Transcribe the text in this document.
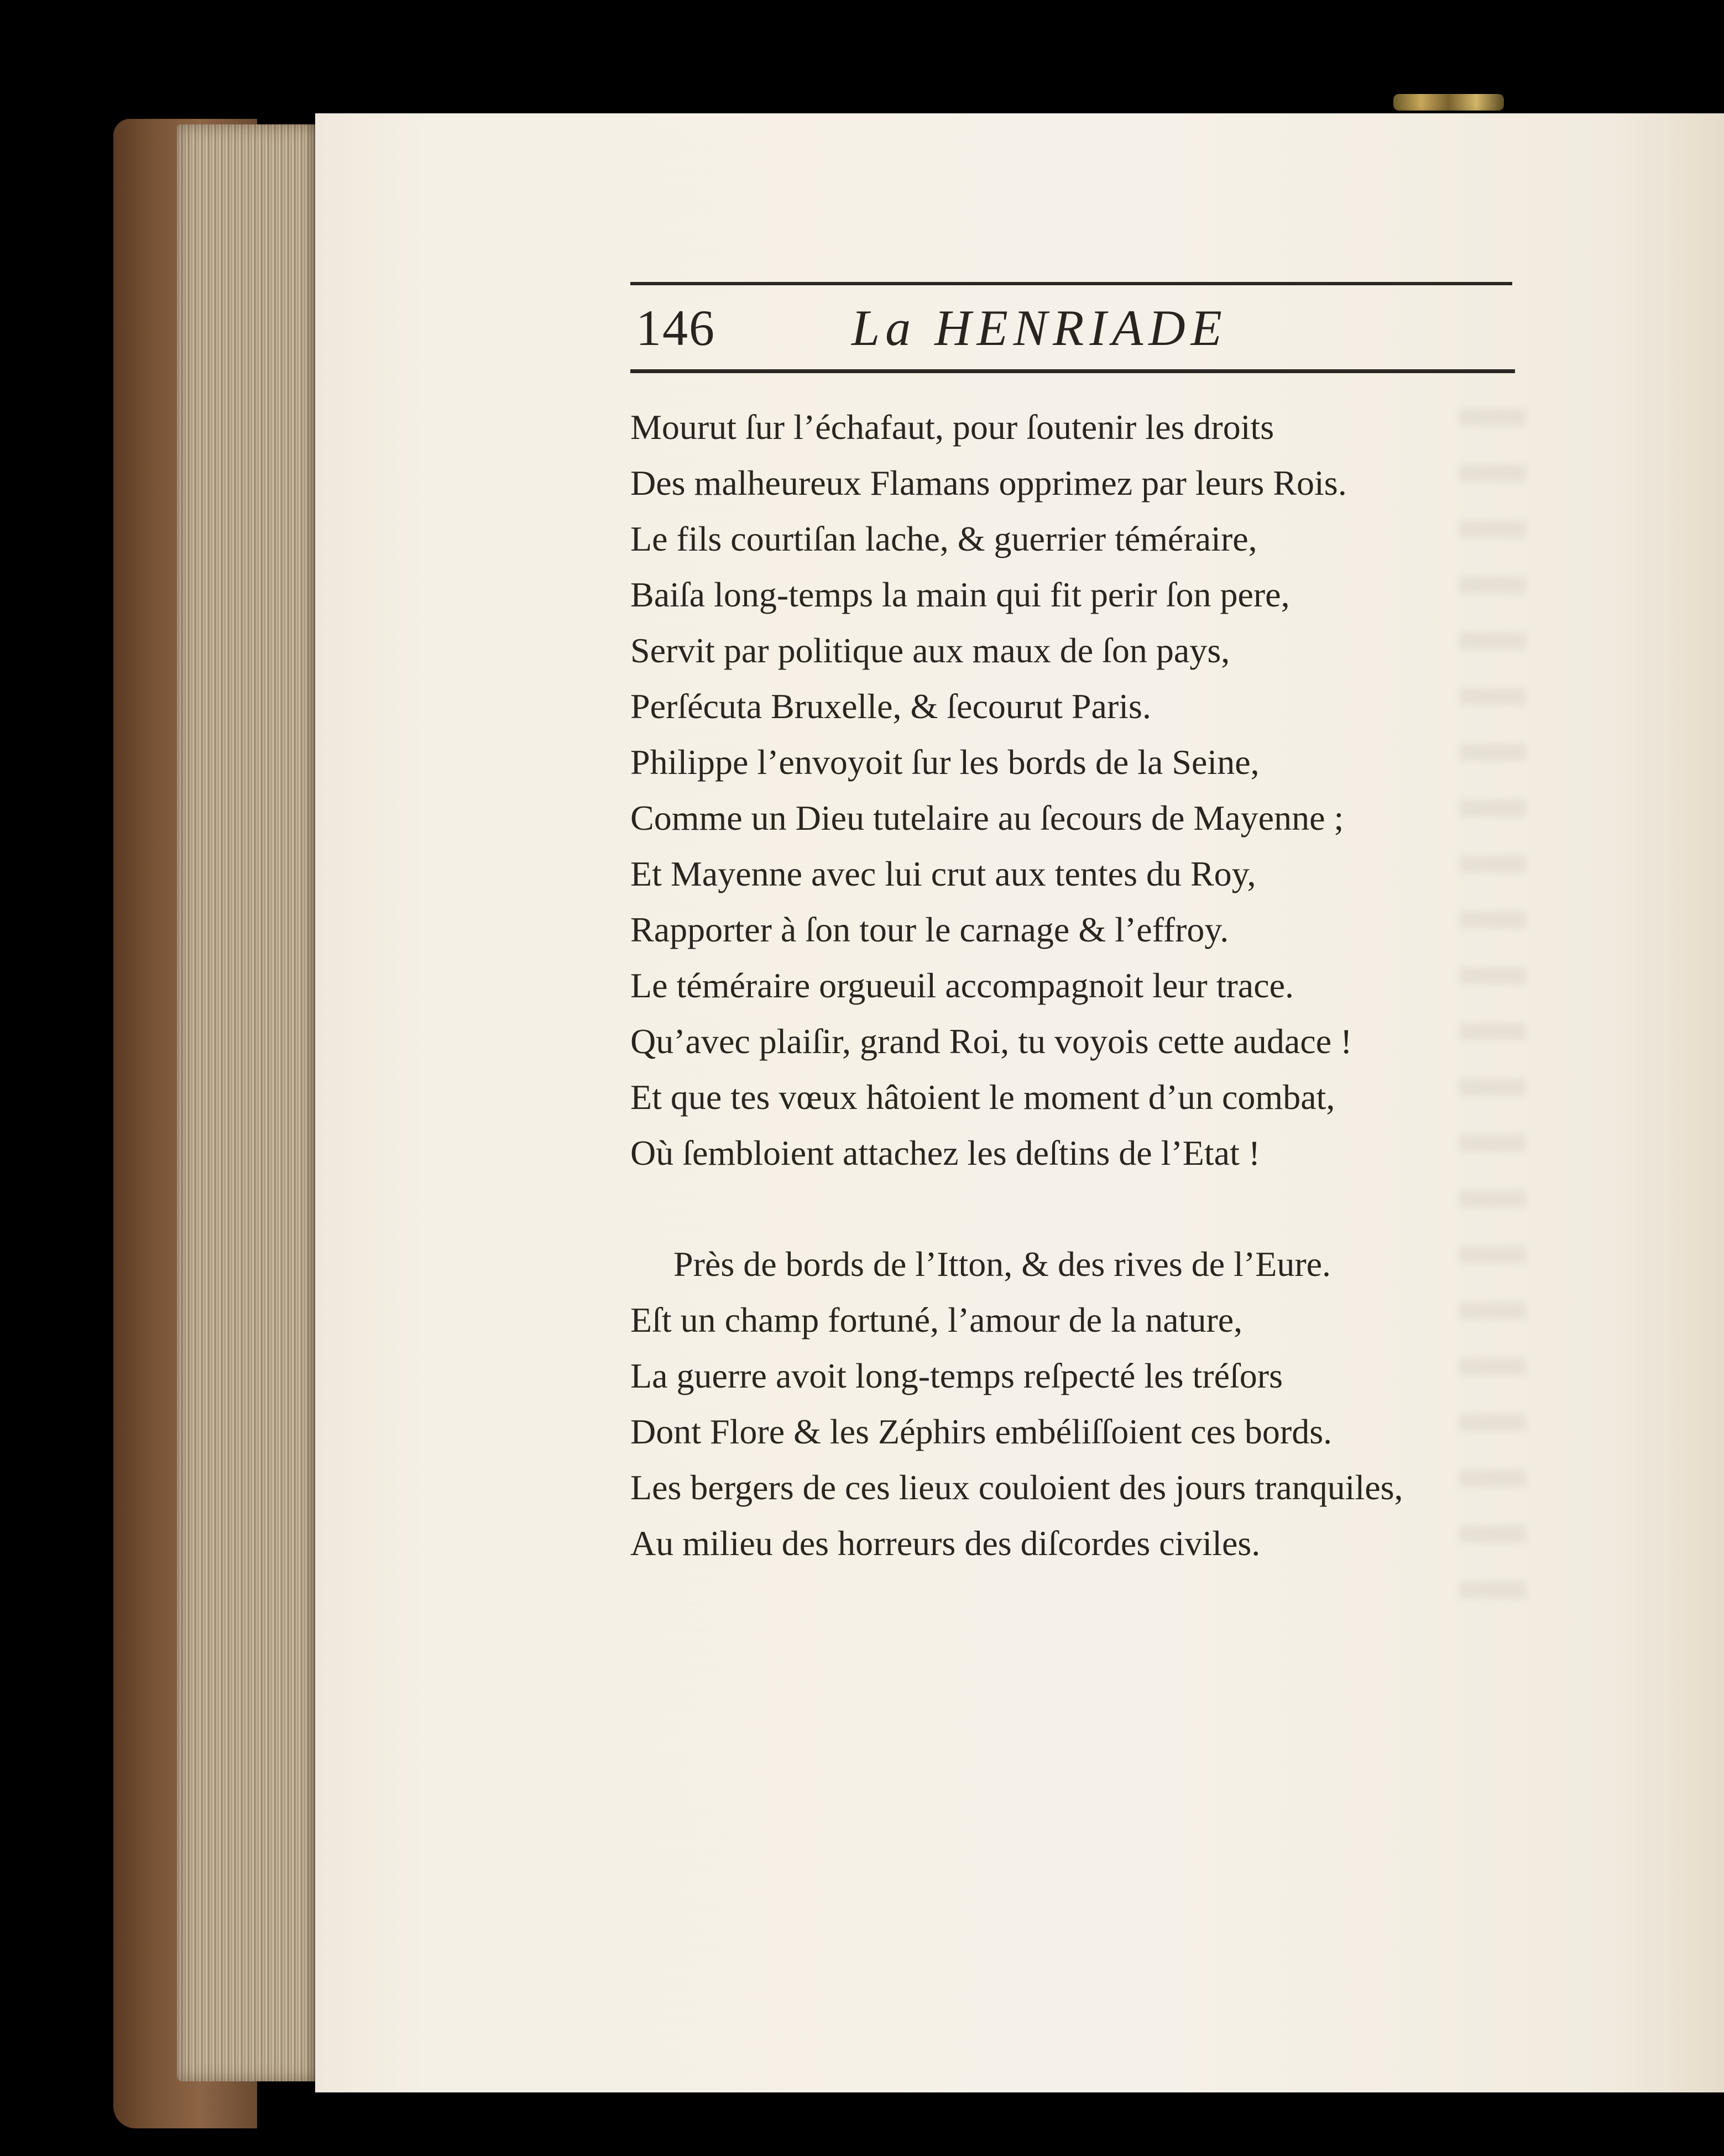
146	La HENRIADE
Mourut ſur l’échafaut, pour ſoutenir les droits
Des malheureux Flamans opprimez par leurs Rois.
Le fils courtiſan lache, & guerrier téméraire,
Baiſa long-temps la main qui fit perir ſon pere,
Servit par politique aux maux de ſon pays,
Perſécuta Bruxelle, & ſecourut Paris.
Philippe l’envoyoit ſur les bords de la Seine,
Comme un Dieu tutelaire au ſecours de Mayenne ;
Et Mayenne avec lui crut aux tentes du Roy,
Rapporter à ſon tour le carnage & l’effroy.
Le téméraire orgueuil accompagnoit leur trace.
Qu’avec plaiſir, grand Roi, tu voyois cette audace !
Et que tes vœux hâtoient le moment d’un combat,
Où ſembloient attachez les deſtins de l’Etat !
Près de bords de l’Itton, & des rives de l’Eure.
Eſt un champ fortuné, l’amour de la nature,
La guerre avoit long-temps reſpecté les tréſors
Dont Flore & les Zéphirs embéliſſoient ces bords.
Les bergers de ces lieux couloient des jours tranquiles,
Au milieu des horreurs des diſcordes civiles.
